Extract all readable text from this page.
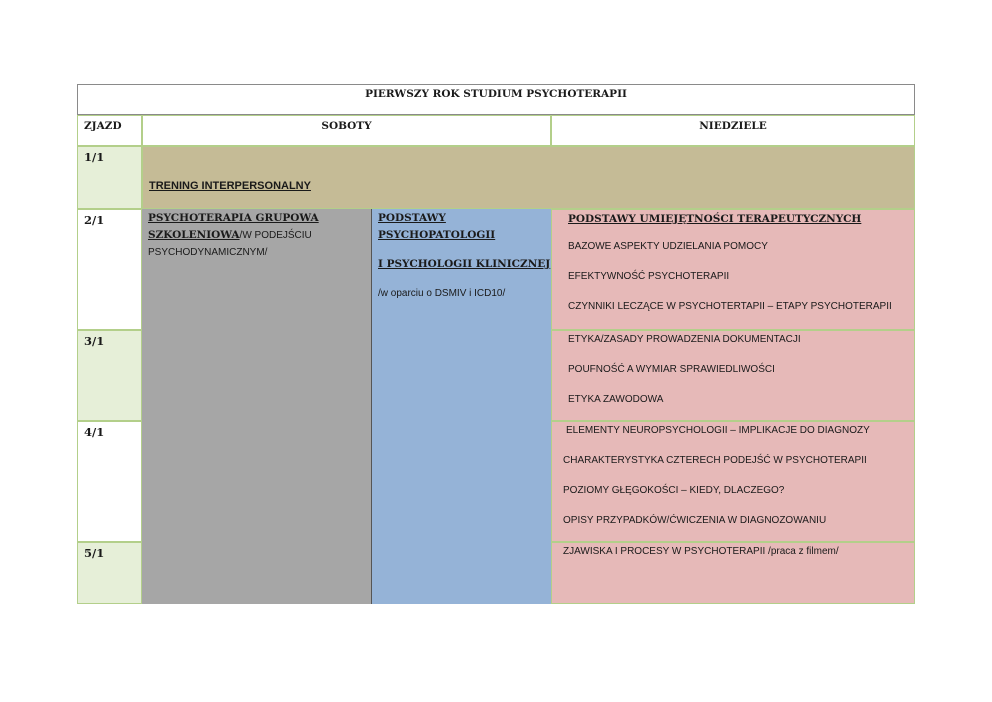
PIERWSZY ROK STUDIUM PSYCHOTERAPII
ZJAZD	SOBOTY	NIEDZIELE
1/1
2/1
3/1
4/1
5/1
TRENING INTERPERSONALNY
PSYCHOTERAPIA GRUPOWA
SZKOLENIOWA/W PODEJŚCIU
PSYCHODYNAMICZNYM/
PODSTAWY
PSYCHOPATOLOGII
I PSYCHOLOGII KLINICZNEJ
/w oparciu o DSMIV i ICD10/
PODSTAWY UMIEJĘTNOŚCI TERAPEUTYCZNYCH
BAZOWE ASPEKTY UDZIELANIA POMOCY
EFEKTYWNOŚĆ PSYCHOTERAPII
CZYNNIKI LECZĄCE W PSYCHOTERTAPII – ETAPY PSYCHOTERAPII
ETYKA/ZASADY PROWADZENIA DOKUMENTACJI
POUFNOŚĆ A WYMIAR SPRAWIEDLIWOŚCI
ETYKA ZAWODOWA
ELEMENTY NEUROPSYCHOLOGII – IMPLIKACJE DO DIAGNOZY
CHARAKTERYSTYKA CZTERECH PODEJŚĆ W PSYCHOTERAPII
POZIOMY GŁĘGOKOŚCI – KIEDY, DLACZEGO?
OPISY PRZYPADKÓW/ĆWICZENIA W DIAGNOZOWANIU
ZJAWISKA I PROCESY W PSYCHOTERAPII /praca z filmem/
